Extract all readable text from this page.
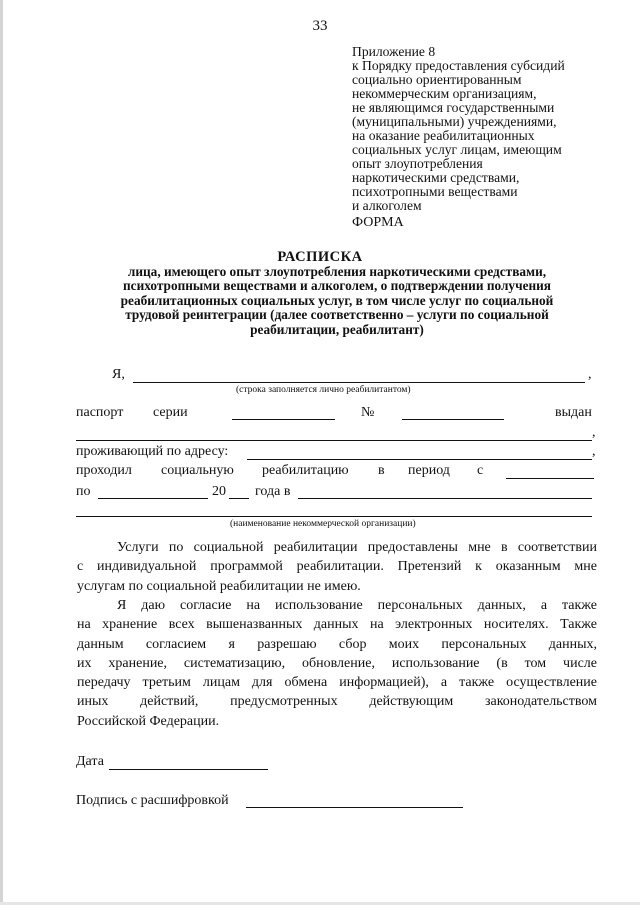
33
Приложение 8
к Порядку предоставления субсидий
социально ориентированным
некоммерческим организациям,
не являющимся государственными
(муниципальными) учреждениями,
на оказание реабилитационных
социальных услуг лицам, имеющим
опыт злоупотребления
наркотическими средствами,
психотропными веществами
и алкоголем
ФОРМА
РАСПИСКА
лица, имеющего опыт злоупотребления наркотическими средствами,
психотропными веществами и алкоголем, о подтверждении получения
реабилитационных социальных услуг, в том числе услуг по социальной
трудовой реинтеграции (далее соответственно – услуги по социальной
реабилитации, реабилитант)
Я,	,
(строка заполняется лично реабилитантом)
паспорт серии	№	выдан
,
проживающий по адресу:	,
проходил социальную реабилитацию в период с
по	20 года в
(наименование некоммерческой организации)
Услуги по социальной реабилитации предоставлены мне в соответствии
с индивидуальной программой реабилитации. Претензий к оказанным мне
услугам по социальной реабилитации не имею.
Я даю согласие на использование персональных данных, а также
на хранение всех вышеназванных данных на электронных носителях. Также
данным согласием я разрешаю сбор моих персональных данных,
их хранение, систематизацию, обновление, использование (в том числе
передачу третьим лицам для обмена информацией), а также осуществление
иных действий, предусмотренных действующим законодательством
Российской Федерации.
Дата
Подпись с расшифровкой
